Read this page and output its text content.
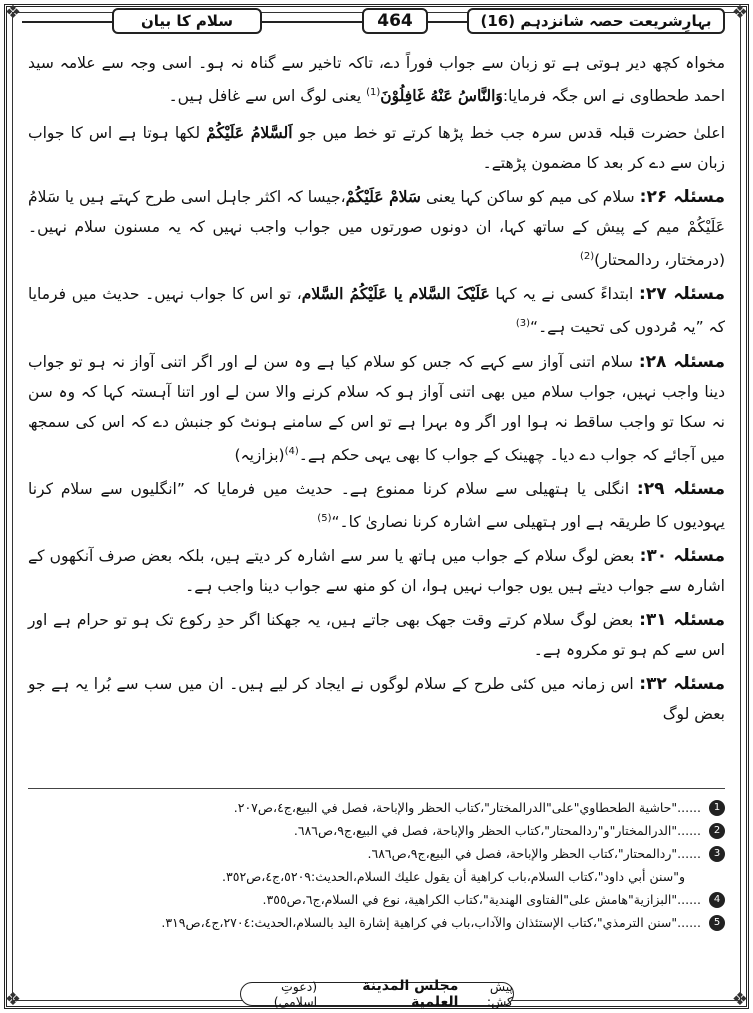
❖	❖
❖	❖
سلام کا بیان	464	بہارِشریعت حصہ شانزدہم (16)

مخواہ کچھ دیر ہوتی ہے تو زبان سے جواب فوراً دے، تاکہ تاخیر سے گناہ نہ ہو۔ اسی وجہ سے علامہ سید احمد طحطاوی نے اس جگہ فرمایا:وَالنَّاسُ عَنْهُ غَافِلُوْنَ$^{(1)}$ یعنی لوگ اس سے غافل ہیں۔

اعلیٰ حضرت قبلہ قدس سرہ جب خط پڑھا کرتے تو خط میں جو اَلسَّلامُ عَلَیْکُمْ لکھا ہوتا ہے اس کا جواب زبان سے دے کر بعد کا مضمون پڑھتے۔

مسئلہ ۲۶: سلام کی میم کو ساکن کہا یعنی سَلامْ عَلَیْکُمْ،جیسا کہ اکثر جاہل اسی طرح کہتے ہیں یا سَلامُ عَلَیْکُمْ میم کے پیش کے ساتھ کہا، ان دونوں صورتوں میں جواب واجب نہیں کہ یہ مسنون سلام نہیں۔ (درمختار، ردالمحتار)$^{(2)}$

مسئلہ ۲۷: ابتداءً کسی نے یہ کہا عَلَیْکَ السَّلام یا عَلَیْکُمُ السَّلام، تو اس کا جواب نہیں۔ حدیث میں فرمایا کہ ”یہ مُردوں کی تحیت ہے۔“$^{(3)}$

مسئلہ ۲۸: سلام اتنی آواز سے کہے کہ جس کو سلام کیا ہے وہ سن لے اور اگر اتنی آواز نہ ہو تو جواب دینا واجب نہیں، جواب سلام میں بھی اتنی آواز ہو کہ سلام کرنے والا سن لے اور اتنا آہستہ کہا کہ وہ سن نہ سکا تو واجب ساقط نہ ہوا اور اگر وہ بہرا ہے تو اس کے سامنے ہونٹ کو جنبش دے کہ اس کی سمجھ میں آجائے کہ جواب دے دیا۔ چھینک کے جواب کا بھی یہی حکم ہے۔$^{(4)}$(بزازیہ)

مسئلہ ۲۹: انگلی یا ہتھیلی سے سلام کرنا ممنوع ہے۔ حدیث میں فرمایا کہ ”انگلیوں سے سلام کرنا یہودیوں کا طریقہ ہے اور ہتھیلی سے اشارہ کرنا نصاریٰ کا۔“$^{(5)}$

مسئلہ ۳۰: بعض لوگ سلام کے جواب میں ہاتھ یا سر سے اشارہ کر دیتے ہیں، بلکہ بعض صرف آنکھوں کے اشارہ سے جواب دیتے ہیں یوں جواب نہیں ہوا، ان کو منھ سے جواب دینا واجب ہے۔

مسئلہ ۳۱: بعض لوگ سلام کرتے وقت جھک بھی جاتے ہیں، یہ جھکنا اگر حدِ رکوع تک ہو تو حرام ہے اور اس سے کم ہو تو مکروہ ہے۔

مسئلہ ۳۲: اس زمانہ میں کئی طرح کے سلام لوگوں نے ایجاد کر لیے ہیں۔ ان میں سب سے بُرا یہ ہے جو بعض لوگ

1
......"حاشية الطحطاوي"على"الدرالمختار"،كتاب الحظر والإباحة، فصل في البيع،ج٤،ص٢٠٧.
2
......"الدرالمختار"و"ردالمحتار"،كتاب الحظر والإباحة، فصل في البيع،ج٩،ص٦٨٦.
3
......"ردالمحتار"،كتاب الحظر والإباحة، فصل في البيع،ج٩،ص٦٨٦.
و"سنن أبي داود"،كتاب السلام،باب كراهية أن يقول عليك السلام،الحديث:٥٢٠٩،ج٤،ص٣٥٢.
4
......"البزازية"هامش على"الفتاوى الهندية"،كتاب الكراهية، نوع في السلام،ج٦،ص٣٥٥.
5
......"سنن الترمذي"،كتاب الإستئذان والآداب،باب في كراهية إشارة اليد بالسلام،الحديث:٢٧٠٤،ج٤،ص٣١٩.
پیش کش:
مجلس المدينة العلمية
(دعوتِ اسلامی)
